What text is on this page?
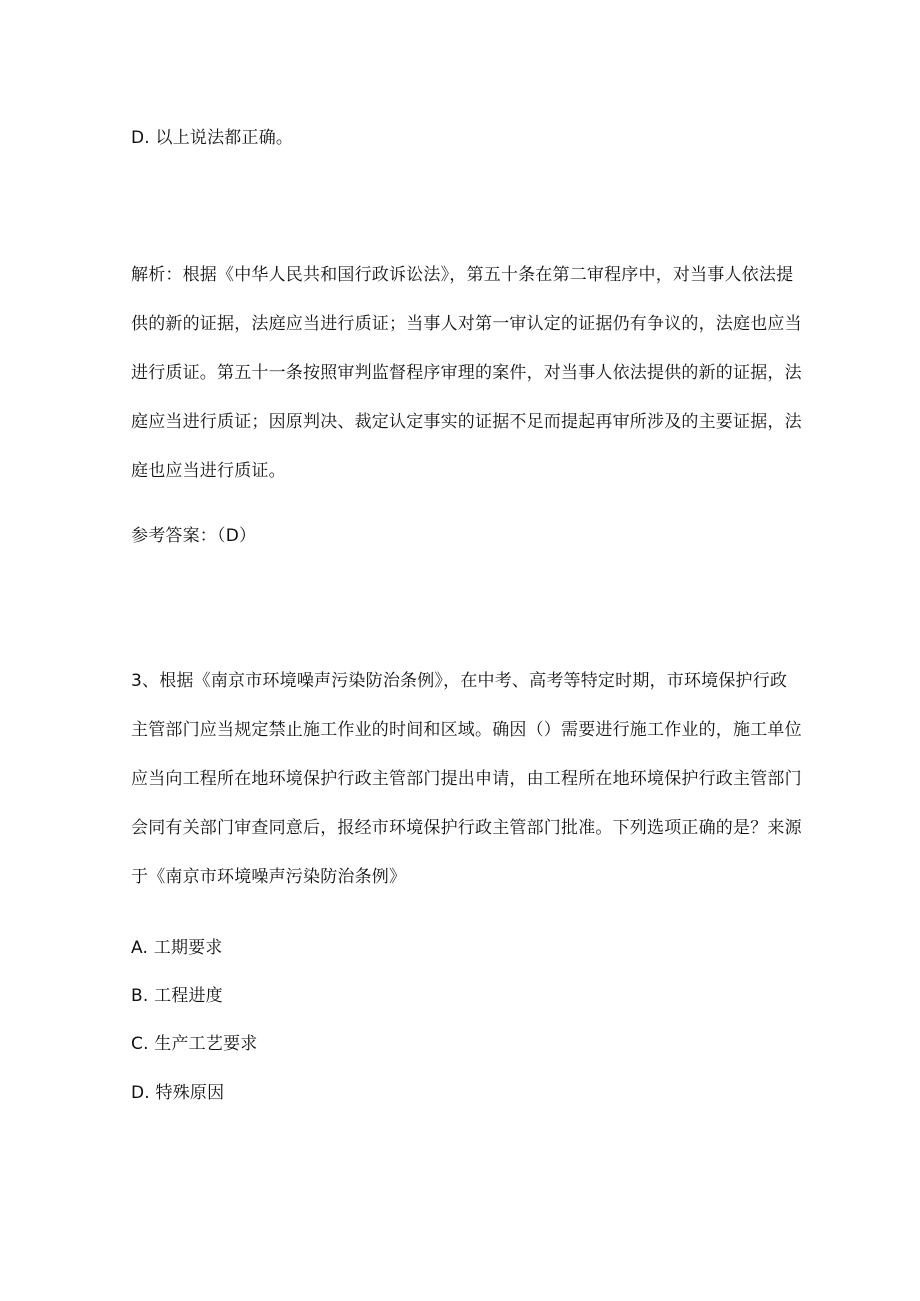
D. 以上说法都正确。
解析：根据《中华人民共和国行政诉讼法》，第五十条在第二审程序中，对当事人依法提
供的新的证据，法庭应当进行质证；当事人对第一审认定的证据仍有争议的，法庭也应当
进行质证。第五十一条按照审判监督程序审理的案件，对当事人依法提供的新的证据，法
庭应当进行质证；因原判决、裁定认定事实的证据不足而提起再审所涉及的主要证据，法
庭也应当进行质证。
参考答案：（D）
3、根据《南京市环境噪声污染防治条例》，在中考、高考等特定时期，市环境保护行政
主管部门应当规定禁止施工作业的时间和区域。确因（）需要进行施工作业的，施工单位
应当向工程所在地环境保护行政主管部门提出申请，由工程所在地环境保护行政主管部门
会同有关部门审查同意后，报经市环境保护行政主管部门批准。下列选项正确的是？来源
于《南京市环境噪声污染防治条例》
A. 工期要求
B. 工程进度
C. 生产工艺要求
D. 特殊原因
